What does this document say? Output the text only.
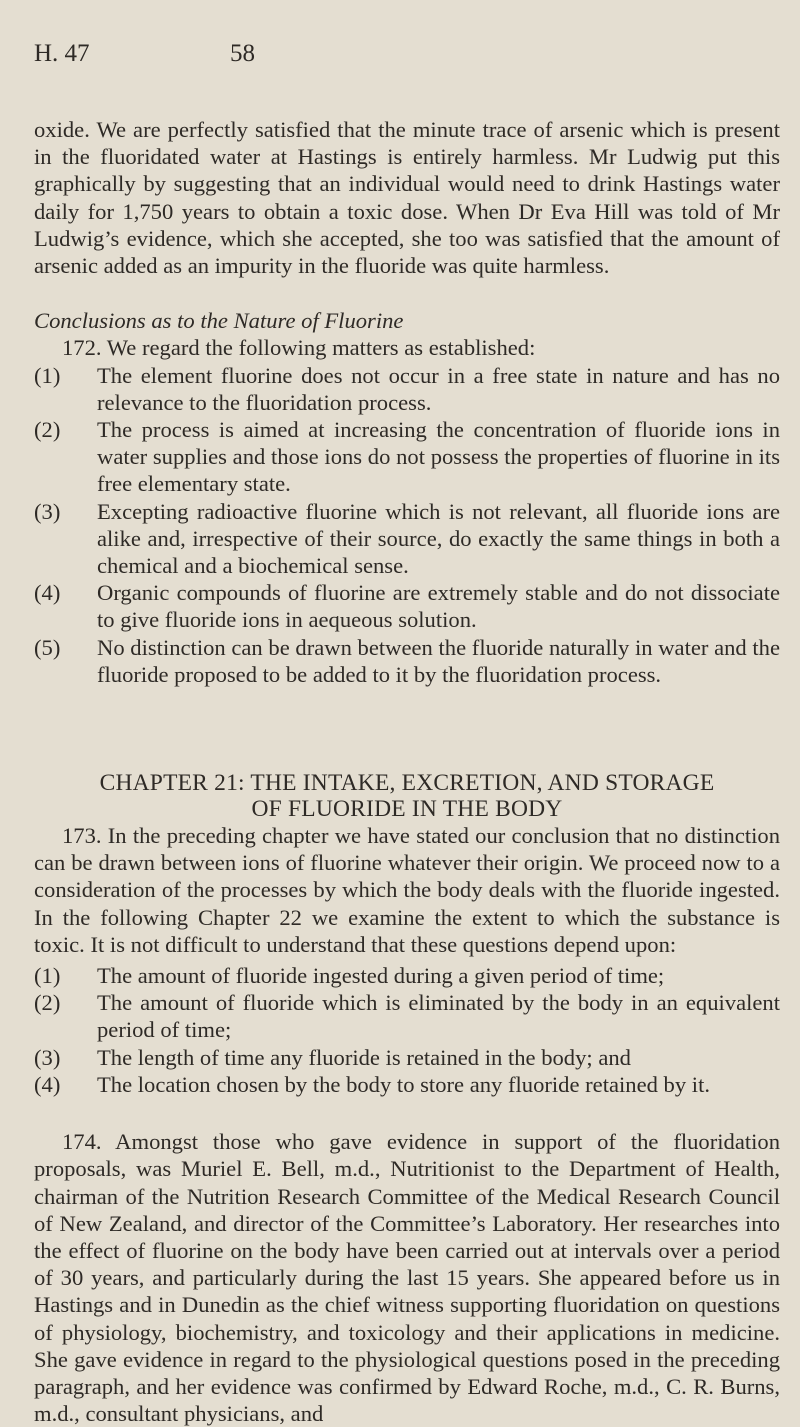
H. 47	58

oxide. We are perfectly satisfied that the minute trace of arsenic which is present in the fluoridated water at Hastings is entirely harmless. Mr Ludwig put this graphically by suggesting that an individual would need to drink Hastings water daily for 1,750 years to obtain a toxic dose. When Dr Eva Hill was told of Mr Ludwig’s evidence, which she accepted, she too was satisfied that the amount of arsenic added as an impurity in the fluoride was quite harmless.

Conclusions as to the Nature of Fluorine

172. We regard the following matters as established:

(1) The element fluorine does not occur in a free state in nature and has no relevance to the fluoridation process.
(2) The process is aimed at increasing the concentration of fluoride ions in water supplies and those ions do not possess the properties of fluorine in its free elementary state.
(3) Excepting radioactive fluorine which is not relevant, all fluoride ions are alike and, irrespective of their source, do exactly the same things in both a chemical and a biochemical sense.
(4) Organic compounds of fluorine are extremely stable and do not dissociate to give fluoride ions in aequeous solution.
(5) No distinction can be drawn between the fluoride naturally in water and the fluoride proposed to be added to it by the fluoridation process.

CHAPTER 21: THE INTAKE, EXCRETION, AND STORAGE

OF FLUORIDE IN THE BODY

173. In the preceding chapter we have stated our conclusion that no distinction can be drawn between ions of fluorine whatever their origin. We proceed now to a consideration of the processes by which the body deals with the fluoride ingested. In the following Chapter 22 we examine the extent to which the substance is toxic. It is not difficult to understand that these questions depend upon:

(1) The amount of fluoride ingested during a given period of time;
(2) The amount of fluoride which is eliminated by the body in an equivalent period of time;
(3) The length of time any fluoride is retained in the body; and
(4) The location chosen by the body to store any fluoride retained by it.

174. Amongst those who gave evidence in support of the fluoridation proposals, was Muriel E. Bell, m.d., Nutritionist to the Department of Health, chairman of the Nutrition Research Committee of the Medical Research Council of New Zealand, and director of the Committee’s Laboratory. Her researches into the effect of fluorine on the body have been carried out at intervals over a period of 30 years, and particularly during the last 15 years. She appeared before us in Hastings and in Dunedin as the chief witness supporting fluoridation on questions of physiology, biochemistry, and toxicology and their applications in medicine. She gave evidence in regard to the physiological questions posed in the preceding paragraph, and her evidence was confirmed by Edward Roche, m.d., C. R. Burns, m.d., consultant physicians, and
